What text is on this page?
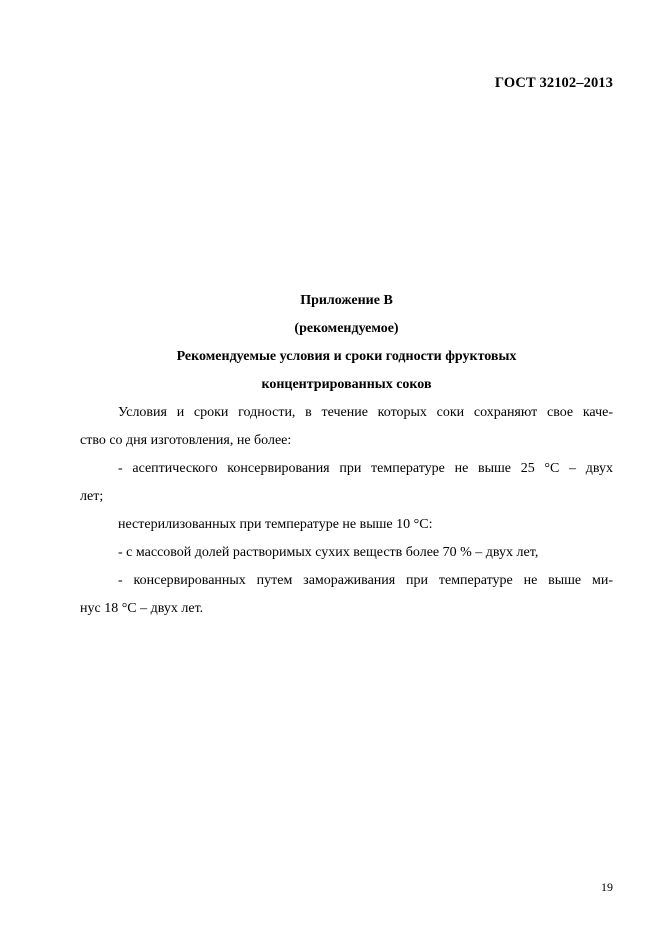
ГОСТ 32102–2013
Приложение В
(рекомендуемое)
Рекомендуемые условия и сроки годности фруктовых
концентрированных соков
Условия и сроки годности, в течение которых соки сохраняют свое каче-
ство со дня изготовления, не более:
- асептического консервирования при температуре не выше 25 °С – двух
лет;
нестерилизованных при температуре не выше 10 °С:
- с массовой долей растворимых сухих веществ более 70 % – двух лет,
- консервированных путем замораживания при температуре не выше ми-
нус 18 °С – двух лет.
19
